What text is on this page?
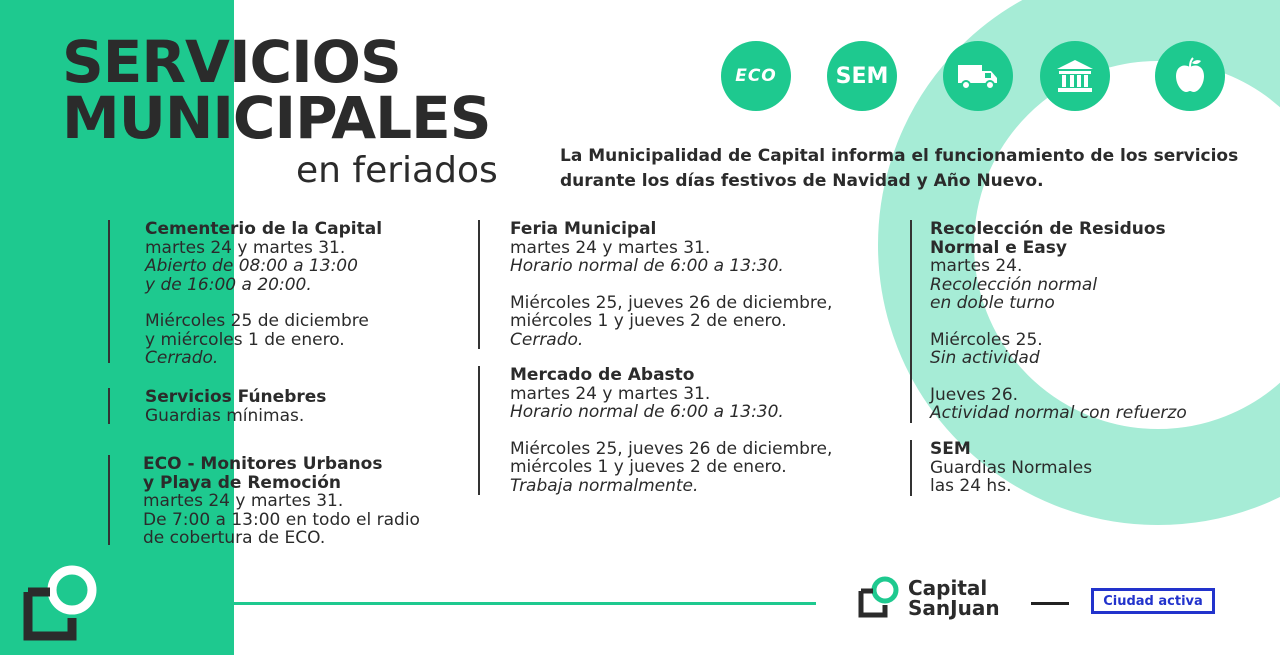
SERVICIOS
MUNICIPALES
en feriados	La Municipalidad de Capital informa el funcionamiento de los servicios
durante los días festivos de Navidad y Año Nuevo.
ECO	SEM
Cementerio de la Capital
martes 24 y martes 31.
Abierto de 08:00 a 13:00
y de 16:00 a 20:00.
Miércoles 25 de diciembre
y miércoles 1 de enero.
Cerrado.
Servicios Fúnebres
Guardias mínimas.
ECO - Monitores Urbanos
y Playa de Remoción
martes 24 y martes 31.
De 7:00 a 13:00 en todo el radio
de cobertura de ECO.
Feria Municipal
martes 24 y martes 31.
Horario normal de 6:00 a 13:30.
Miércoles 25, jueves 26 de diciembre,
miércoles 1 y jueves 2 de enero.
Cerrado.
Mercado de Abasto
martes 24 y martes 31.
Horario normal de 6:00 a 13:30.
Miércoles 25, jueves 26 de diciembre,
miércoles 1 y jueves 2 de enero.
Trabaja normalmente.
Recolección de Residuos
Normal e Easy
martes 24.
Recolección normal
en doble turno
Miércoles 25.
Sin actividad
Jueves 26.
Actividad normal con refuerzo
SEM
Guardias Normales
las 24 hs.
Capital
SanJuan	Ciudad activa
